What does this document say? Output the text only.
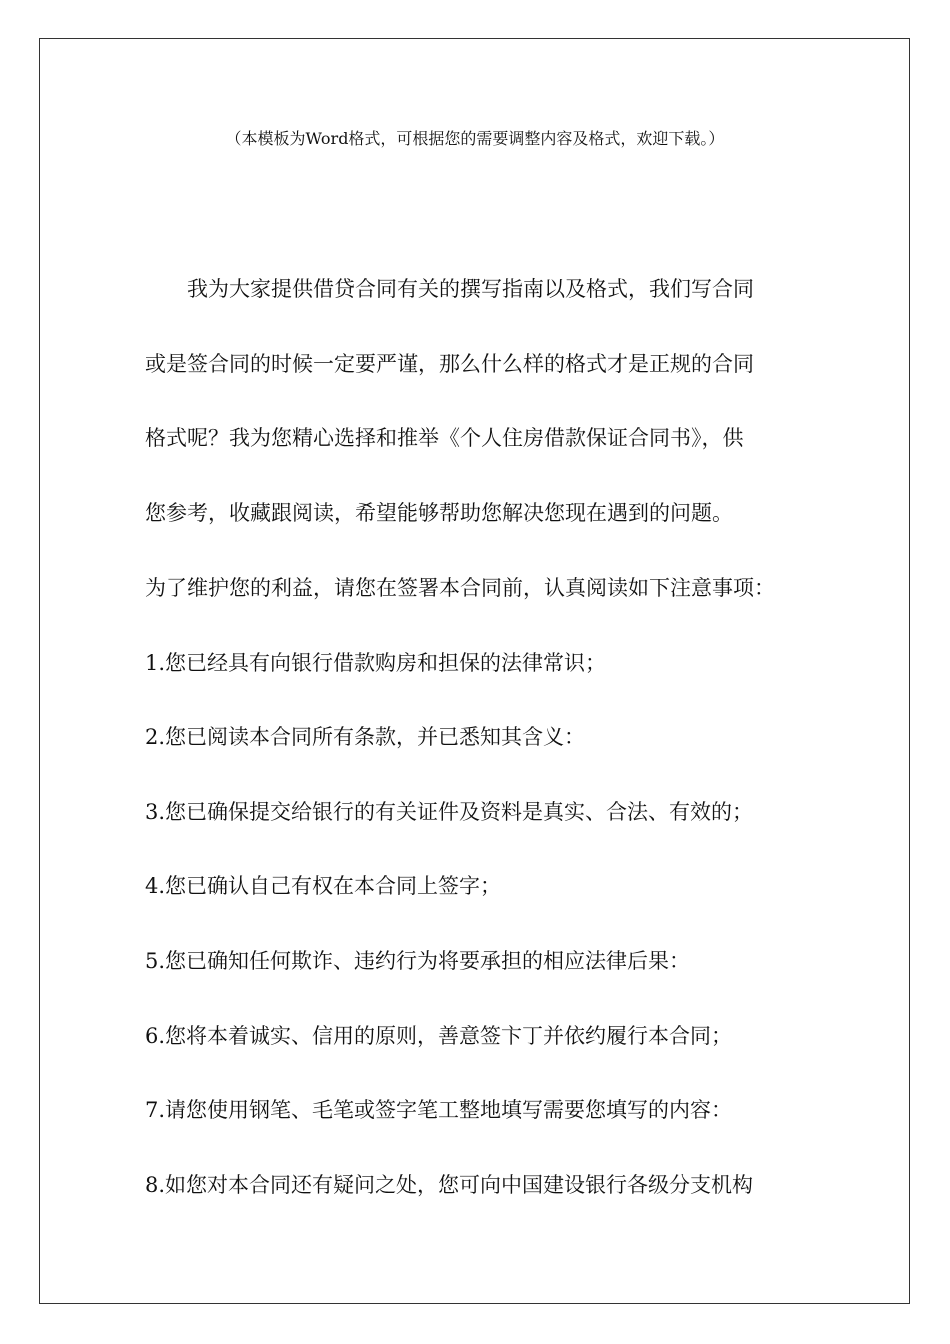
（本模板为Word格式，可根据您的需要调整内容及格式，欢迎下载。）
我为大家提供借贷合同有关的撰写指南以及格式，我们写合同
或是签合同的时候一定要严谨，那么什么样的格式才是正规的合同
格式呢？我为您精心选择和推举《个人住房借款保证合同书》，供
您参考，收藏跟阅读，希望能够帮助您解决您现在遇到的问题。
为了维护您的利益，请您在签署本合同前，认真阅读如下注意事项：
1.您已经具有向银行借款购房和担保的法律常识；
2.您已阅读本合同所有条款，并已悉知其含义：
3.您已确保提交给银行的有关证件及资料是真实、合法、有效的；
4.您已确认自己有权在本合同上签字；
5.您已确知任何欺诈、违约行为将要承担的相应法律后果：
6.您将本着诚实、信用的原则，善意签卞丁并依约履行本合同；
7.请您使用钢笔、毛笔或签字笔工整地填写需要您填写的内容：
8.如您对本合同还有疑问之处，您可向中国建设银行各级分支机构
